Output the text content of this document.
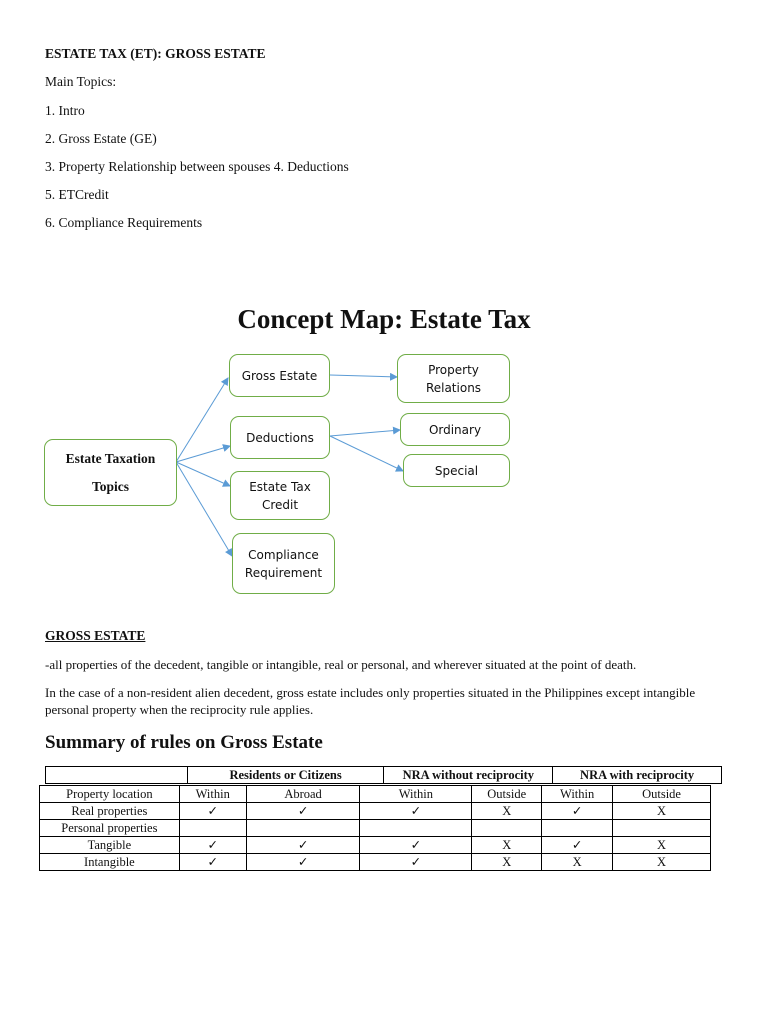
ESTATE TAX (ET): GROSS ESTATE
Main Topics:
1. Intro
2. Gross Estate (GE)
3. Property Relationship between spouses 4. Deductions
5. ETCredit
6. Compliance Requirements
Concept Map: Estate Tax
Estate Taxation
Topics
Gross Estate
Deductions
Estate Tax
Credit
Compliance
Requirement
Property
Relations
Ordinary
Special
GROSS ESTATE
-all properties of the decedent, tangible or intangible, real or personal, and wherever situated at the point of death.
In the case of a non-resident alien decedent, gross estate includes only properties situated in the Philippines except intangible personal property when the reciprocity rule applies.
Summary of rules on Gross Estate
	Residents or Citizens	NRA without reciprocity	NRA with reciprocity
Property location	Within	Abroad	Within	Outside	Within	Outside
Real properties	✓	✓	✓	X	✓	X
Personal properties						
Tangible	✓	✓	✓	X	✓	X
Intangible	✓	✓	✓	X	X	X
